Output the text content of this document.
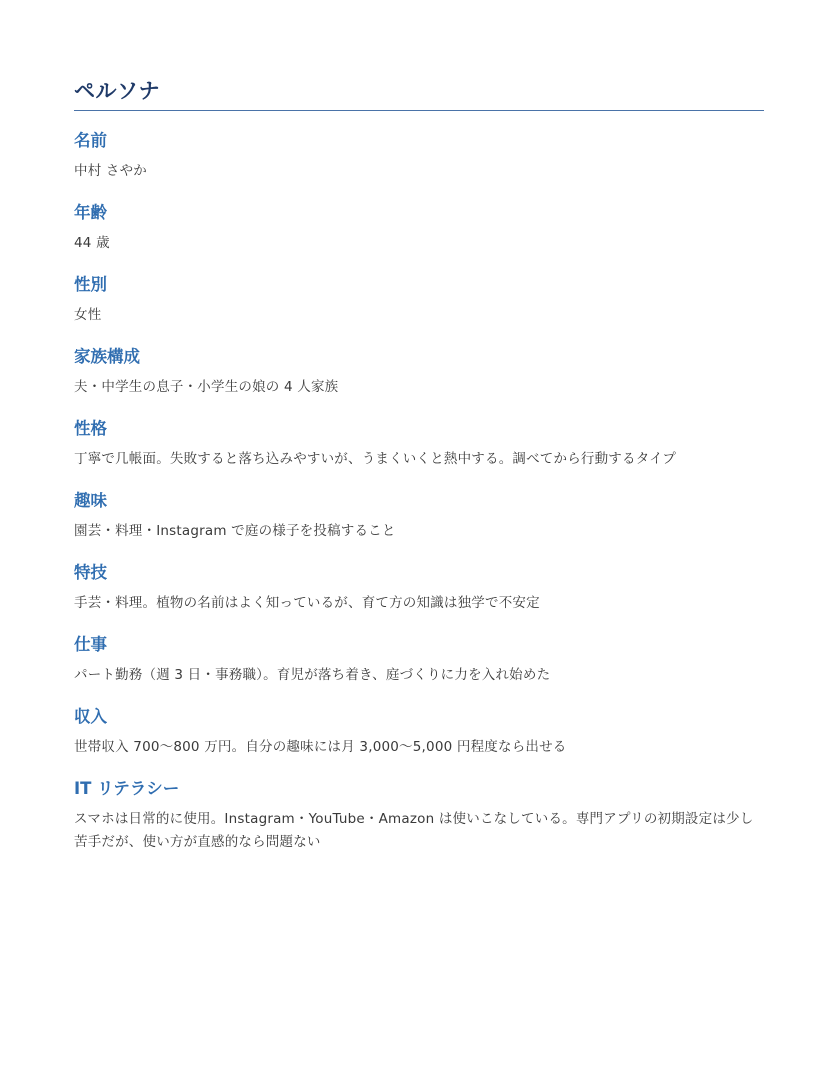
ペルソナ
名前

中村 さやか

年齢

44 歳

性別

女性

家族構成

夫・中学生の息子・小学生の娘の 4 人家族

性格

丁寧で几帳面。失敗すると落ち込みやすいが、うまくいくと熱中する。調べてから行動するタイプ

趣味

園芸・料理・Instagram で庭の様子を投稿すること

特技

手芸・料理。植物の名前はよく知っているが、育て方の知識は独学で不安定

仕事

パート勤務（週 3 日・事務職）。育児が落ち着き、庭づくりに力を入れ始めた

収入

世帯収入 700〜800 万円。自分の趣味には月 3,000〜5,000 円程度なら出せる

IT リテラシー

スマホは日常的に使用。Instagram・YouTube・Amazon は使いこなしている。専門アプリの初期設定は少し苦手だが、使い方が直感的なら問題ない
